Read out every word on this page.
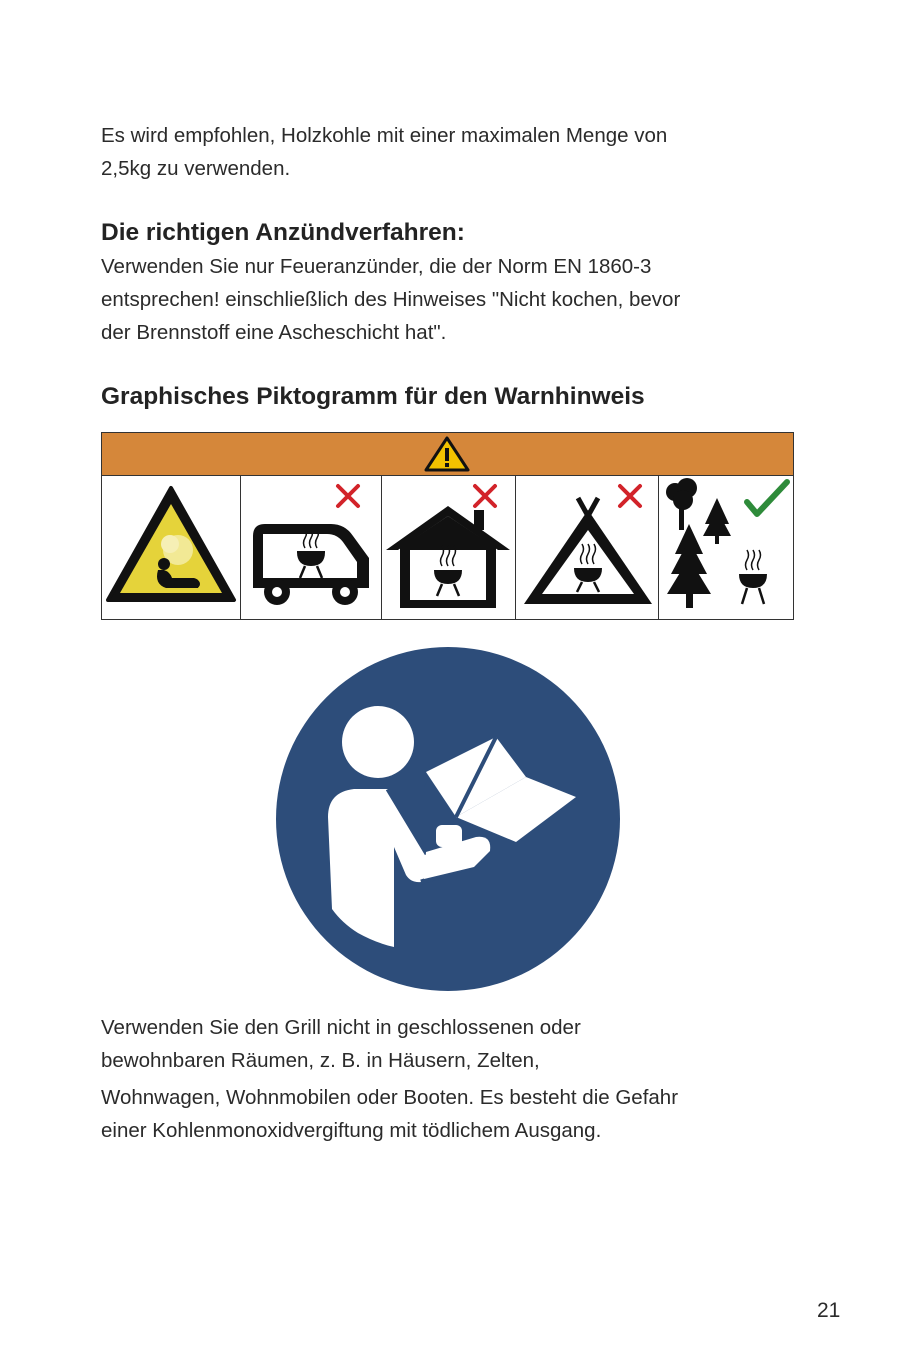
Es wird empfohlen, Holzkohle mit einer maximalen Menge von
2,5kg zu verwenden.
Die richtigen Anzündverfahren:
Verwenden Sie nur Feueranzünder, die der Norm EN 1860-3
entsprechen! einschließlich des Hinweises "Nicht kochen, bevor
der Brennstoff eine Ascheschicht hat".
Graphisches Piktogramm für den Warnhinweis
Verwenden Sie den Grill nicht in geschlossenen oder
bewohnbaren Räumen, z. B. in Häusern, Zelten,
Wohnwagen, Wohnmobilen oder Booten. Es besteht die Gefahr
einer Kohlenmonoxidvergiftung mit tödlichem Ausgang.
21
